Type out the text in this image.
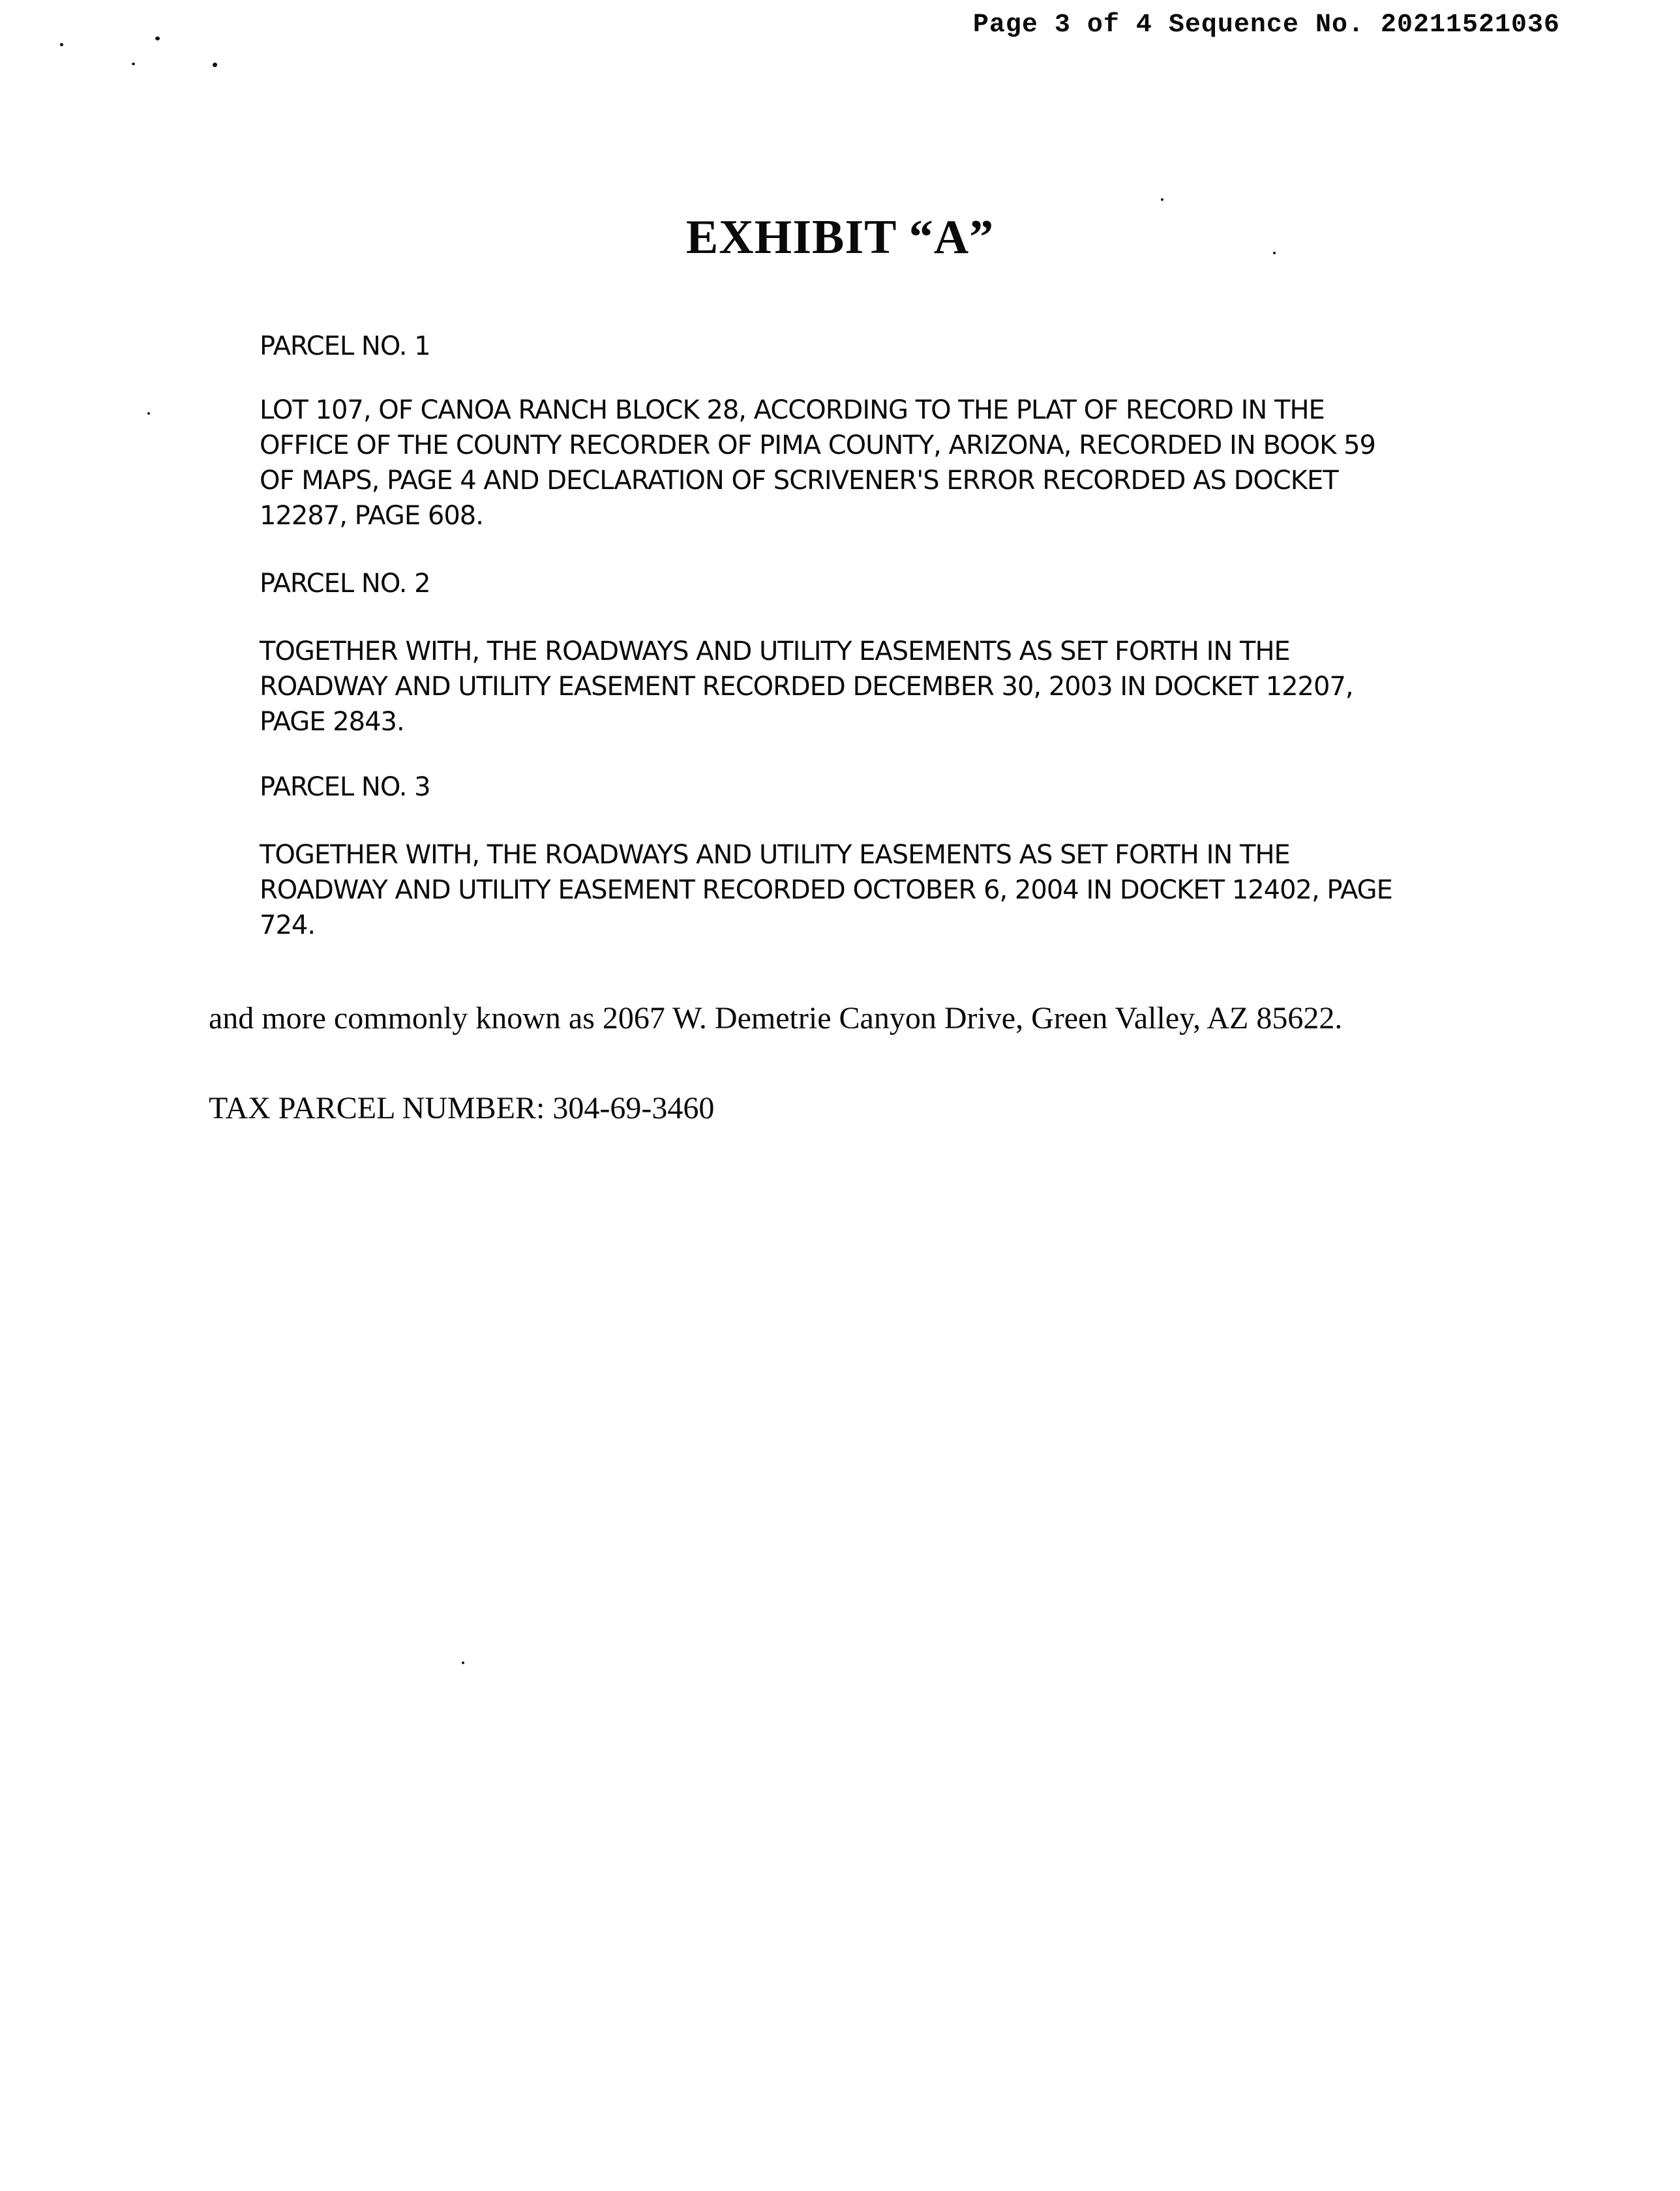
Page 3 of 4 Sequence No. 20211521036
EXHIBIT “A”

PARCEL NO. 1

LOT 107, OF CANOA RANCH BLOCK 28, ACCORDING TO THE PLAT OF RECORD IN THE

OFFICE OF THE COUNTY RECORDER OF PIMA COUNTY, ARIZONA, RECORDED IN BOOK 59

OF MAPS, PAGE 4 AND DECLARATION OF SCRIVENER'S ERROR RECORDED AS DOCKET

12287, PAGE 608.

PARCEL NO. 2

TOGETHER WITH, THE ROADWAYS AND UTILITY EASEMENTS AS SET FORTH IN THE

ROADWAY AND UTILITY EASEMENT RECORDED DECEMBER 30, 2003 IN DOCKET 12207,

PAGE 2843.

PARCEL NO. 3

TOGETHER WITH, THE ROADWAYS AND UTILITY EASEMENTS AS SET FORTH IN THE

ROADWAY AND UTILITY EASEMENT RECORDED OCTOBER 6, 2004 IN DOCKET 12402, PAGE

724.

and more commonly known as 2067 W. Demetrie Canyon Drive, Green Valley, AZ 85622.
TAX PARCEL NUMBER: 304-69-3460
